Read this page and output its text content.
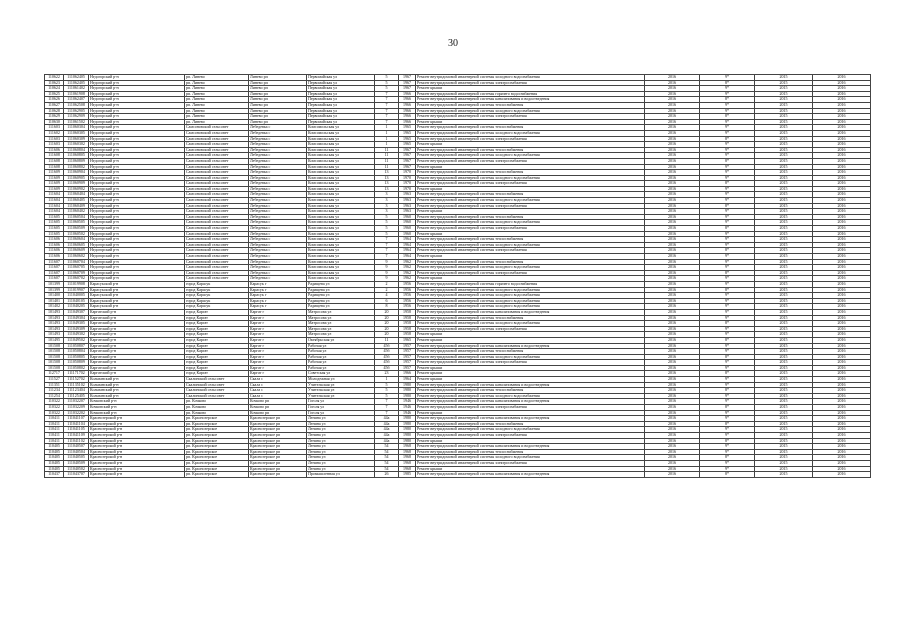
30
110622	111062405	Недогорский р-н	рп. Линево	Линево рп	Первомайская ул	5	1967	Ремонт внутридомовой инженерной системы холодного водоснабжения	2016	9*	2015	2016
110623	111062405	Недогорский р-н	рп. Линево	Линево рп	Первомайская ул	5	1967	Ремонт внутридомовой инженерной системы электроснабжения	2016	8*	2015	2016
110624	111061402	Недогорский р-н	рп. Линево	Линево рп	Первомайская ул	5	1967	Ремонт крыши	2016	9*	2015	2016
110625	111061908	Недогорский р-н	рп. Линево	Линево рп	Первомайская ул	7	1966	Ремонт внутридомовой инженерной системы горячего водоснабжения	2016	9*	2015	2016
110626	111062407	Недогорский р-н	рп. Линево	Линево рп	Первомайская ул	7	1966	Ремонт внутридомовой инженерной системы канализования и водоотведения	2016	8*	2015	2016
110627	111062508	Недогорский р-н	рп. Линево	Линево рп	Первомайская ул	7	1966	Ремонт внутридомовой инженерной системы теплоснабжения	2016	9*	2015	2016
110628	111062905	Недогорский р-н	рп. Линево	Линево рп	Первомайская ул	7	1966	Ремонт внутридомовой инженерной системы холодного водоснабжения	2016	9*	2015	2016
110629	111062909	Недогорский р-н	рп. Линево	Линево рп	Первомайская ул	7	1966	Ремонт внутридомовой инженерной системы электроснабжения	2016	8*	2015	2016
110630	111061502	Недогорский р-н	рп. Линево	Линево рп	Первомайская ул	7	1966	Ремонт крыши	2016	9*	2015	2016
111603	111060304	Недогорский р-н	Самсоновский сельсовет	Лебедевка с	Комсомольская ул	1	1965	Ремонт внутридомовой инженерной системы теплоснабжения	2016	9*	2015	2016
111602	111060305	Недогорский р-н	Самсоновский сельсовет	Лебедевка с	Комсомольская ул	1	1965	Ремонт внутридомовой инженерной системы холодного водоснабжения	2016	9*	2015	2016
111603	111060309	Недогорский р-н	Самсоновский сельсовет	Лебедевка с	Комсомольская ул	1	1965	Ремонт внутридомовой инженерной системы электроснабжения	2016	8*	2015	2016
111603	111060302	Недогорский р-н	Самсоновский сельсовет	Лебедевка с	Комсомольская ул	1	1965	Ремонт крыши	2016	9*	2015	2016
111606	111060804	Недогорский р-н	Самсоновский сельсовет	Лебедевка с	Комсомольская ул	11	1967	Ремонт внутридомовой инженерной системы теплоснабжения	2016	9*	2015	2016
111608	111060805	Недогорский р-н	Самсоновский сельсовет	Лебедевка с	Комсомольская ул	11	1967	Ремонт внутридомовой инженерной системы холодного водоснабжения	2016	9*	2015	2016
111608	111060809	Недогорский р-н	Самсоновский сельсовет	Лебедевка с	Комсомольская ул	11	1967	Ремонт внутридомовой инженерной системы электроснабжения	2016	8*	2015	2016
111608	111060802	Недогорский р-н	Самсоновский сельсовет	Лебедевка с	Комсомольская ул	11	1967	Ремонт крыши	2016	9*	2015	2016
111609	111060904	Недогорский р-н	Самсоновский сельсовет	Лебедевка с	Комсомольская ул	13	1970	Ремонт внутридомовой инженерной системы теплоснабжения	2016	9*	2015	2016
111609	111060905	Недогорский р-н	Самсоновский сельсовет	Лебедевка с	Комсомольская ул	13	1970	Ремонт внутридомовой инженерной системы холодного водоснабжения	2016	9*	2015	2016
111609	111060909	Недогорский р-н	Самсоновский сельсовет	Лебедевка с	Комсомольская ул	13	1970	Ремонт внутридомовой инженерной системы электроснабжения	2016	8*	2015	2016
111609	111060902	Недогорский р-н	Самсоновский сельсовет	Лебедевка с	Комсомольская ул	13	1970	Ремонт крыши	2016	9*	2015	2016
111604	111060404	Недогорский р-н	Самсоновский сельсовет	Лебедевка с	Комсомольская ул	3	1963	Ремонт внутридомовой инженерной системы теплоснабжения	2016	9*	2015	2016
111604	111060405	Недогорский р-н	Самсоновский сельсовет	Лебедевка с	Комсомольская ул	3	1963	Ремонт внутридомовой инженерной системы холодного водоснабжения	2016	9*	2015	2016
111604	111060409	Недогорский р-н	Самсоновский сельсовет	Лебедевка с	Комсомольская ул	3	1963	Ремонт внутридомовой инженерной системы электроснабжения	2016	8*	2015	2016
111604	111060402	Недогорский р-н	Самсоновский сельсовет	Лебедевка с	Комсомольская ул	3	1963	Ремонт крыши	2016	9*	2015	2016
111605	111060504	Недогорский р-н	Самсоновский сельсовет	Лебедевка с	Комсомольская ул	5	1960	Ремонт внутридомовой инженерной системы теплоснабжения	2016	9*	2015	2016
111605	111060505	Недогорский р-н	Самсоновский сельсовет	Лебедевка с	Комсомольская ул	5	1960	Ремонт внутридомовой инженерной системы холодного водоснабжения	2016	9*	2015	2016
111605	111060509	Недогорский р-н	Самсоновский сельсовет	Лебедевка с	Комсомольская ул	5	1960	Ремонт внутридомовой инженерной системы электроснабжения	2016	8*	2015	2016
111605	111060502	Недогорский р-н	Самсоновский сельсовет	Лебедевка с	Комсомольская ул	5	1960	Ремонт крыши	2016	9*	2015	2016
111606	111060604	Недогорский р-н	Самсоновский сельсовет	Лебедевка с	Комсомольская ул	7	1964	Ремонт внутридомовой инженерной системы теплоснабжения	2016	9*	2015	2016
111606	111060605	Недогорский р-н	Самсоновский сельсовет	Лебедевка с	Комсомольская ул	7	1964	Ремонт внутридомовой инженерной системы холодного водоснабжения	2016	9*	2015	2016
111606	111060609	Недогорский р-н	Самсоновский сельсовет	Лебедевка с	Комсомольская ул	7	1964	Ремонт внутридомовой инженерной системы электроснабжения	2016	8*	2015	2016
111606	111060602	Недогорский р-н	Самсоновский сельсовет	Лебедевка с	Комсомольская ул	7	1964	Ремонт крыши	2016	9*	2015	2016
111607	111060704	Недогорский р-н	Самсоновский сельсовет	Лебедевка с	Комсомольская ул	9	1962	Ремонт внутридомовой инженерной системы теплоснабжения	2016	9*	2015	2016
111607	111060705	Недогорский р-н	Самсоновский сельсовет	Лебедевка с	Комсомольская ул	9	1962	Ремонт внутридомовой инженерной системы холодного водоснабжения	2016	9*	2015	2016
111607	111060709	Недогорский р-н	Самсоновский сельсовет	Лебедевка с	Комсомольская ул	9	1962	Ремонт внутридомовой инженерной системы электроснабжения	2016	8*	2015	2016
111607	111060702	Недогорский р-н	Самсоновский сельсовет	Лебедевка с	Комсомольская ул	9	1962	Ремонт крыши	2016	9*	2015	2016
101399	111019908	Карасукский р-н	город Карасук	Карасук г	Радищева ул	2	1956	Ремонт внутридомовой инженерной системы горячего водоснабжения	2016	9*	2015	2016
101399	111019907	Карасукский р-н	город Карасук	Карасук г	Радищева ул	2	1956	Ремонт внутридомовой инженерной системы холодного водоснабжения	2016	8*	2015	2016
101400	111040005	Карасукский р-н	город Карасук	Карасук г	Радищева ул	4	1956	Ремонт внутридомовой инженерной системы холодного водоснабжения	2016	9*	2015	2016
101401	111040105	Карасукский р-н	город Карасук	Карасук г	Радищева ул	6	1956	Ремонт внутридомовой инженерной системы холодного водоснабжения	2016	9*	2015	2016
101402	111040205	Карасукский р-н	город Карасук	Карасук г	Радищева ул	8	1956	Ремонт внутридомовой инженерной системы холодного водоснабжения	2016	9*	2015	2016
101493	111049307	Каргатский р-н	город Каргат	Каргат г	Матросова ул	20	1958	Ремонт внутридомовой инженерной системы канализования и водоотведения	2016	9*	2015	2016
101493	111049304	Каргатский р-н	город Каргат	Каргат г	Матросова ул	20	1958	Ремонт внутридомовой инженерной системы теплоснабжения	2016	9*	2015	2016
101493	111049305	Каргатский р-н	город Каргат	Каргат г	Матросова ул	20	1958	Ремонт внутридомовой инженерной системы холодного водоснабжения	2016	8*	2015	2016
101493	111049309	Каргатский р-н	город Каргат	Каргат г	Матросова ул	20	1958	Ремонт внутридомовой инженерной системы электроснабжения	2016	9*	2015	2016
101493	111049302	Каргатский р-н	город Каргат	Каргат г	Матросова ул	20	1958	Ремонт крыши	2016	9*	2015	2016
101495	111049502	Каргатский р-н	город Каргат	Каргат г	Октябрьская ул	11	1965	Ремонт крыши	2016	8*	2015	2016
101508	111050807	Каргатский р-н	город Каргат	Каргат г	Рабочая ул	45б	1957	Ремонт внутридомовой инженерной системы канализования и водоотведения	2016	9*	2015	2016
101508	111050804	Каргатский р-н	город Каргат	Каргат г	Рабочая ул	45б	1957	Ремонт внутридомовой инженерной системы теплоснабжения	2016	9*	2015	2016
101508	111050805	Каргатский р-н	город Каргат	Каргат г	Рабочая ул	45б	1957	Ремонт внутридомовой инженерной системы холодного водоснабжения	2016	8*	2015	2016
101508	111050809	Каргатский р-н	город Каргат	Каргат г	Рабочая ул	45б	1957	Ремонт внутридомовой инженерной системы электроснабжения	2016	9*	2015	2016
101508	111050802	Каргатский р-н	город Каргат	Каргат г	Рабочая ул	45б	1957	Ремонт крыши	2016	9*	2015	2016
112717	111171702	Каргатский р-н	город Каргат	Каргат г	Советская ул	23	1966	Ремонт крыши	2016	8*	2015	2016
111527	111152702	Кольванский р-н	Скалинский сельсовет	Скала с	Молодежная ул	1	1964	Ремонт крыши	2016	9*	2015	2016
111351	111135102	Кольванский р-н	Скалинский сельсовет	Скала с	Учительская ул	5	1980	Ремонт внутридомовой инженерной системы канализования и водоотведения	2016	9*	2015	2016
111234	111123404	Кольванский р-н	Скалинский сельсовет	Скала с	Учительская ул	5	1980	Ремонт внутридомовой инженерной системы теплоснабжения	2016	8*	2015	2016
111254	111125405	Кольванский р-н	Скалинский сельсовет	Скала с	Учительская ул	5	1980	Ремонт внутридомовой инженерной системы холодного водоснабжения	2016	9*	2015	2016
110322	111032207	Кочковский р-н	рп. Кочково	Кочково рп	Гоголя ул	7	1946	Ремонт внутридомовой инженерной системы канализования и водоотведения	2016	9*	2015	2016
110322	111032209	Кочковский р-н	рп. Кочково	Кочково рп	Гоголя ул	7	1946	Ремонт внутридомовой инженерной системы электроснабжения	2016	8*	2015	2016
110322	111032202	Кочковский р-н	рп. Кочково	Кочково рп	Гоголя ул	7	1946	Ремонт крыши	2016	9*	2015	2016
110411	111041107	Краснозерский р-н	рп. Краснозерское	Краснозерское рп	Ленина ул	44а	1980	Ремонт внутридомовой инженерной системы канализования и водоотведения	2016	9*	2015	2016
110411	111041104	Краснозерский р-н	рп. Краснозерское	Краснозерское рп	Ленина ул	44а	1980	Ремонт внутридомовой инженерной системы теплоснабжения	2016	8*	2015	2016
110411	111041105	Краснозерский р-н	рп. Краснозерское	Краснозерское рп	Ленина ул	44а	1980	Ремонт внутридомовой инженерной системы холодного водоснабжения	2016	9*	2015	2016
110411	111041109	Краснозерский р-н	рп. Краснозерское	Краснозерское рп	Ленина ул	44а	1980	Ремонт внутридомовой инженерной системы электроснабжения	2016	9*	2015	2016
110411	111041102	Краснозерский р-н	рп. Краснозерское	Краснозерское рп	Ленина ул	44а	1980	Ремонт крыши	2016	8*	2015	2016
110405	111040507	Краснозерский р-н	рп. Краснозерское	Краснозерское рп	Ленина ул	54	1968	Ремонт внутридомовой инженерной системы канализования и водоотведения	2016	9*	2015	2016
110405	111040504	Краснозерский р-н	рп. Краснозерское	Краснозерское рп	Ленина ул	54	1968	Ремонт внутридомовой инженерной системы теплоснабжения	2016	9*	2015	2016
110405	111040505	Краснозерский р-н	рп. Краснозерское	Краснозерское рп	Ленина ул	54	1968	Ремонт внутридомовой инженерной системы холодного водоснабжения	2016	8*	2015	2016
110405	111040509	Краснозерский р-н	рп. Краснозерское	Краснозерское рп	Ленина ул	54	1968	Ремонт внутридомовой инженерной системы электроснабжения	2016	9*	2015	2016
110405	111040502	Краснозерский р-н	рп. Краснозерское	Краснозерское рп	Ленина ул	54	1968	Ремонт крыши	2016	9*	2015	2016
110437	111043707	Краснозерский р-н	рп. Краснозерское	Краснозерское рп	Промышленная ул	26	1985	Ремонт внутридомовой инженерной системы канализования и водоотведения	2016	8*	2015	2016
